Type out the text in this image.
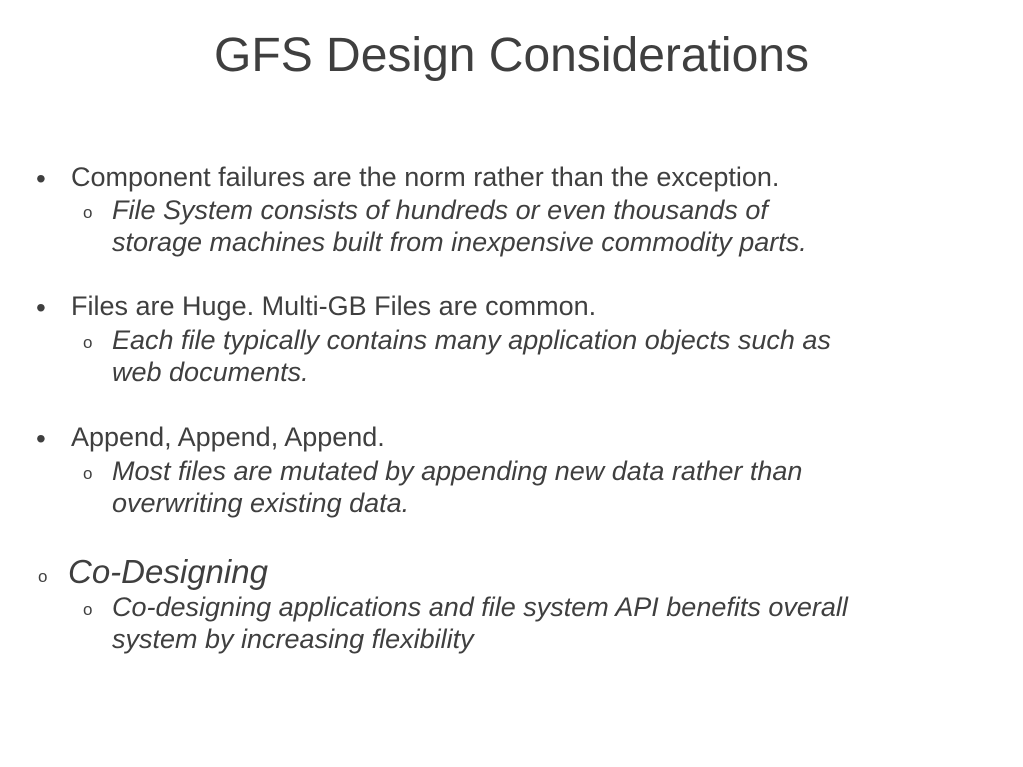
GFS Design Considerations
• Component failures are the norm rather than the exception.
o File System consists of hundreds or even thousands of
storage machines built from inexpensive commodity parts.
• Files are Huge. Multi-GB Files are common.
o Each file typically contains many application objects such as
web documents.
• Append, Append, Append.
o Most files are mutated by appending new data rather than
overwriting existing data.
o Co-Designing
o Co-designing applications and file system API benefits overall
system by increasing flexibility
